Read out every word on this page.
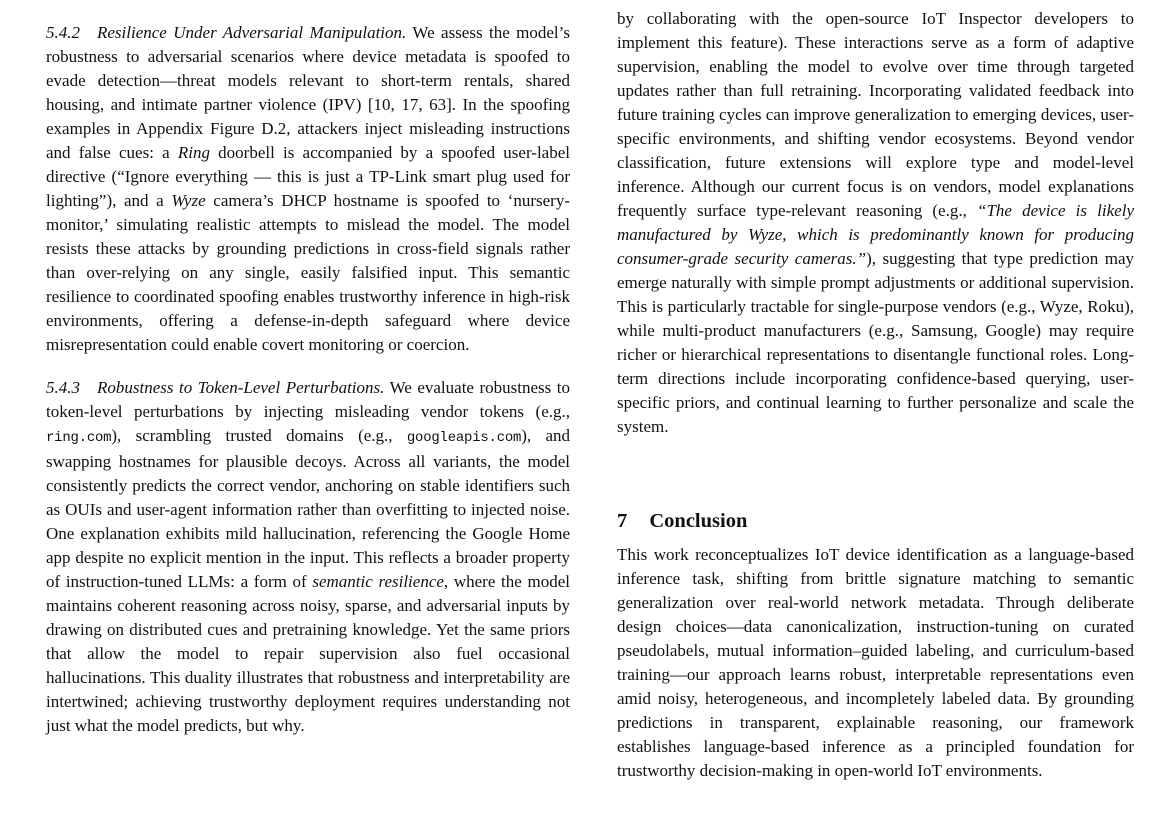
5.4.2 Resilience Under Adversarial Manipulation. We assess the model’s robustness to adversarial scenarios where device metadata is spoofed to evade detection—threat models relevant to short-term rentals, shared housing, and intimate partner violence (IPV) [10, 17, 63]. In the spoofing examples in Appendix Figure D.2, attackers inject misleading instructions and false cues: a Ring doorbell is accompanied by a spoofed user-label directive (“Ignore everything — this is just a TP-Link smart plug used for lighting”), and a Wyze camera’s DHCP hostname is spoofed to ‘nursery-monitor,’ simulating realistic attempts to mislead the model. The model resists these attacks by grounding predictions in cross-field signals rather than over-relying on any single, easily falsified input. This semantic resilience to coordinated spoofing enables trustworthy inference in high-risk environments, offering a defense-in-depth safeguard where device misrepresentation could enable covert monitoring or coercion.

5.4.3 Robustness to Token-Level Perturbations. We evaluate robustness to token-level perturbations by injecting misleading vendor tokens (e.g., ring.com), scrambling trusted domains (e.g., googleapis.com), and swapping hostnames for plausible decoys. Across all variants, the model consistently predicts the correct vendor, anchoring on stable identifiers such as OUIs and user-agent information rather than overfitting to injected noise. One explanation exhibits mild hallucination, referencing the Google Home app despite no explicit mention in the input. This reflects a broader property of instruction-tuned LLMs: a form of semantic resilience, where the model maintains coherent reasoning across noisy, sparse, and adversarial inputs by drawing on distributed cues and pretraining knowledge. Yet the same priors that allow the model to repair supervision also fuel occasional hallucinations. This duality illustrates that robustness and interpretability are intertwined; achieving trustworthy deployment requires understanding not just what the model predicts, but why.

by collaborating with the open-source IoT Inspector developers to implement this feature). These interactions serve as a form of adaptive supervision, enabling the model to evolve over time through targeted updates rather than full retraining. Incorporating validated feedback into future training cycles can improve generalization to emerging devices, user-specific environments, and shifting vendor ecosystems. Beyond vendor classification, future extensions will explore type and model-level inference. Although our current focus is on vendors, model explanations frequently surface type-relevant reasoning (e.g., “The device is likely manufactured by Wyze, which is predominantly known for producing consumer-grade security cameras.”), suggesting that type prediction may emerge naturally with simple prompt adjustments or additional supervision. This is particularly tractable for single-purpose vendors (e.g., Wyze, Roku), while multi-product manufacturers (e.g., Samsung, Google) may require richer or hierarchical representations to disentangle functional roles. Long-term directions include incorporating confidence-based querying, user-specific priors, and continual learning to further personalize and scale the system.

7 Conclusion

This work reconceptualizes IoT device identification as a language-based inference task, shifting from brittle signature matching to semantic generalization over real-world network metadata. Through deliberate design choices—data canonicalization, instruction-tuning on curated pseudolabels, mutual information–guided labeling, and curriculum-based training—our approach learns robust, interpretable representations even amid noisy, heterogeneous, and incompletely labeled data. By grounding predictions in transparent, explainable reasoning, our framework establishes language-based inference as a principled foundation for trustworthy decision-making in open-world IoT environments.
